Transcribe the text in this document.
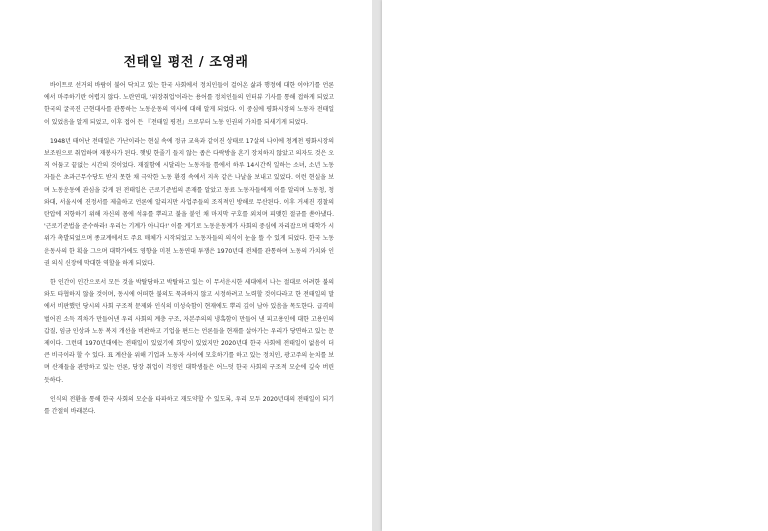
전태일 평전 / 조영래

바이트로 선거의 바람이 불어 닥치고 있는 한국 사회에서 정치인들이 걸어온 삶과 행정에 대한 이야기를 언론에서 마주하기란 어렵지 않다. 노란연대, '위장취업'이라는 용어를 정치인들의 인터뷰 기사를 통해 접하게 되었고 한국의 굴곡진 근현대사를 관통하는 노동운동의 역사에 대해 알게 되었다. 이 중심에 평화시장의 노동자 전태일이 있었음을 알게 되었고, 이후 접어 든 『전태일 평전』으로부터 노동 인권의 가치를 되새기게 되었다.

1948년 태어난 전태일은 가난이라는 현실 속에 정규 교육과 같이진 상태로 17살의 나이에 청계천 평화시장의 보조원으로 취업하며 재봉사가 된다. 햇빛 한줄기 들지 않는 좁은 다락방을 흔기 장치하지 않았고 의자도 것은 오직 어둠고 끝없는 시간의 것이었다. 재질함에 시달리는 노동자들 틈에서 하루 14시간씩 일하는 소녀, 소년 노동자들은 초과근무수당도 받지 못한 채 극악한 노동 환경 속에서 지옥 같은 나날을 보내고 있었다. 이런 현실을 보며 노동운동에 관심을 갖게 된 전태일은 근로기준법의 존재를 알았고 동료 노동자들에게 이를 알리며 노동청, 청와대, 서울시에 진정서를 제출하고 언론에 알리지만 사업주들의 조직적인 방해로 무산된다. 이후 거세진 경찰의 탄압에 저항하기 위해 자신의 몸에 석유를 뿌리고 불을 붙인 채 마지막 구호를 외치며 피맺힌 절규를 쏟아냈다. '근로기준법을 준수하라! 우리는 기계가 아니다!' 이를 계기로 노동운동계가 사회의 중심에 자리잡으며 대학가 시위가 촉발되었으며 종교계에서도 주요 매체가 시작되었고 노동자들의 의식이 눈을 뜰 수 있게 되었다. 한국 노동 운동사의 한 획을 그으며 대학가에도 영향을 미친 노동연대 투쟁은 1970년대 전체를 관통하며 노동의 가치와 인권 의식 신장에 막대한 역할을 하게 되었다.

한 인간이 인간으로서 모든 것을 박탈당하고 박탈하고 있는 이 무서운시한 세대에서 나는 절대로 어려한 불의와도 타협하지 않을 것이며, 동시에 어떠한 불의도 묵과하지 않고 시정하려고 노력할 것이다라고 한 전태일의 말에서 비판했던 당시의 사회 구조적 문제와 인식의 미성숙함이 현재에도 뿌리 깊이 남아 있음을 목도한다. 급격히 벌어진 소득 격차가 만들어낸 우리 사회의 계층 구조, 자본주의의 냉혹함이 만들어 낸 피고용인에 대한 고용인의 갑질, 임금 인상과 노동 복지 개선을 비판하고 기업을 편드는 언론들을 현재를 살아가는 우리가 당면하고 있는 문제이다. 그런데 1970년대에는 전태일이 있었기에 희망이 있었지만 2020년대 한국 사회에 전태일이 없음이 더 큰 비극이라 할 수 있다. 표 계산을 위해 기업과 노동자 사이에 모호하기를 하고 있는 정치인, 광고주의 눈치를 보며 산재들을 관망하고 있는 언론, 당장 취업이 걱정인 대학생들은 어느덧 한국 사회의 구조적 모순에 깊숙 버린 듯하다.

인식의 전환을 통해 한국 사회의 모순을 타파하고 재도약할 수 있도록, 우리 모두 2020년대의 전태일이 되기를 간절히 바래본다.
